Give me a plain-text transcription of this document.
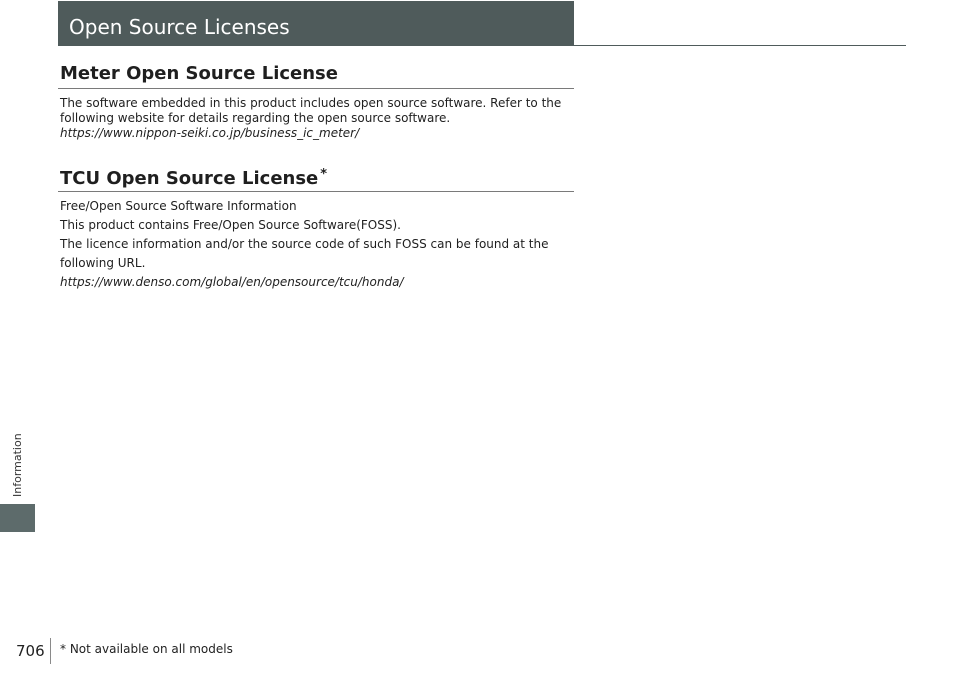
Open Source Licenses
Meter Open Source License

The software embedded in this product includes open source software. Refer to the

following website for details regarding the open source software.

https://www.nippon-seiki.co.jp/business_ic_meter/

TCU Open Source License *

Free/Open Source Software Information

This product contains Free/Open Source Software(FOSS).

The licence information and/or the source code of such FOSS can be found at the

following URL.

https://www.denso.com/global/en/opensource/tcu/honda/

Information
706 * Not available on all models
